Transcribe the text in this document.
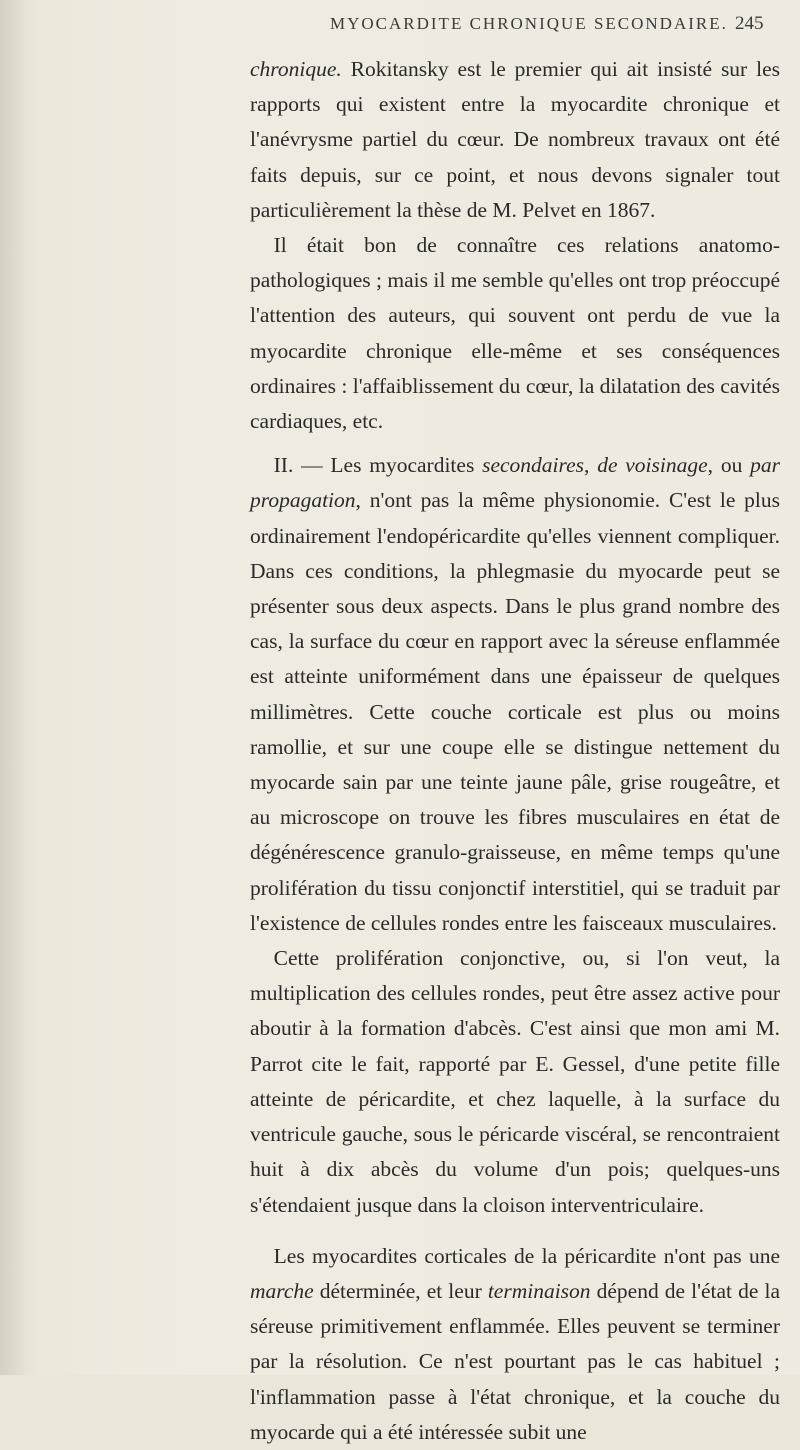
MYOCARDITE CHRONIQUE SECONDAIRE. 245

chronique. Rokitansky est le premier qui ait insisté sur les rapports qui existent entre la myocardite chronique et l'anévrysme partiel du cœur. De nombreux travaux ont été faits depuis, sur ce point, et nous devons signaler tout particulièrement la thèse de M. Pelvet en 1867.

Il était bon de connaître ces relations anatomo-pathologiques ; mais il me semble qu'elles ont trop préoccupé l'attention des auteurs, qui souvent ont perdu de vue la myocardite chronique elle-même et ses conséquences ordinaires : l'affaiblissement du cœur, la dilatation des cavités cardiaques, etc.

II. — Les myocardites secondaires, de voisinage, ou par propagation, n'ont pas la même physionomie. C'est le plus ordinairement l'endopéricardite qu'elles viennent compliquer. Dans ces conditions, la phlegmasie du myocarde peut se présenter sous deux aspects. Dans le plus grand nombre des cas, la surface du cœur en rapport avec la séreuse enflammée est atteinte uniformément dans une épaisseur de quelques millimètres. Cette couche corticale est plus ou moins ramollie, et sur une coupe elle se distingue nettement du myocarde sain par une teinte jaune pâle, grise rougeâtre, et au microscope on trouve les fibres musculaires en état de dégénérescence granulo-graisseuse, en même temps qu'une prolifération du tissu conjonctif interstitiel, qui se traduit par l'existence de cellules rondes entre les faisceaux musculaires.

Cette prolifération conjonctive, ou, si l'on veut, la multiplication des cellules rondes, peut être assez active pour aboutir à la formation d'abcès. C'est ainsi que mon ami M. Parrot cite le fait, rapporté par E. Gessel, d'une petite fille atteinte de péricardite, et chez laquelle, à la surface du ventricule gauche, sous le péricarde viscéral, se rencontraient huit à dix abcès du volume d'un pois; quelques-uns s'étendaient jusque dans la cloison interventriculaire.

Les myocardites corticales de la péricardite n'ont pas une marche déterminée, et leur terminaison dépend de l'état de la séreuse primitivement enflammée. Elles peuvent se terminer par la résolution. Ce n'est pourtant pas le cas habituel ; l'inflammation passe à l'état chronique, et la couche du myocarde qui a été intéressée subit une
